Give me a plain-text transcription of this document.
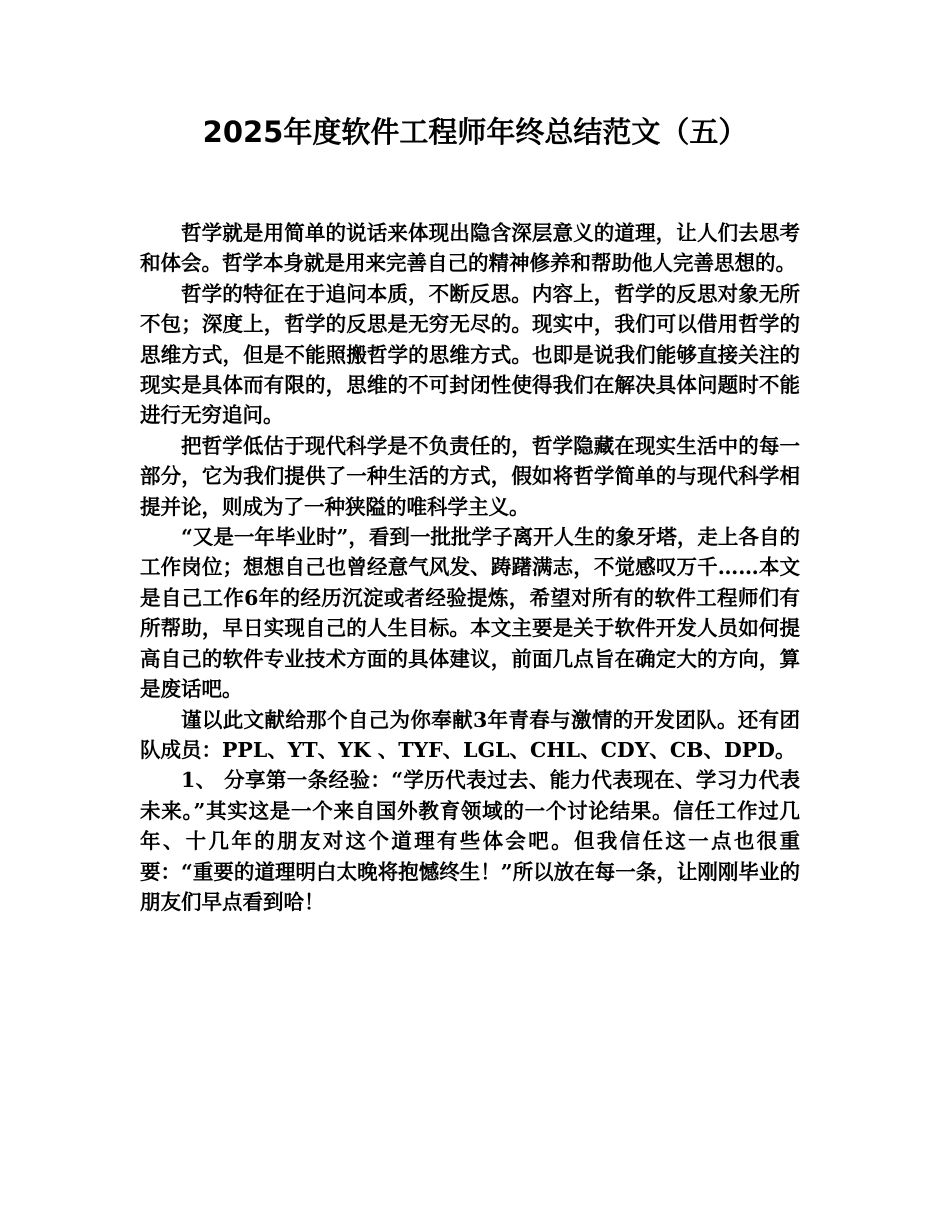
2025年度软件工程师年终总结范文（五）

哲学就是用简单的说话来体现出隐含深层意义的道理，让人们去思考和体会。哲学本身就是用来完善自己的精神修养和帮助他人完善思想的。

哲学的特征在于追问本质，不断反思。内容上，哲学的反思对象无所不包；深度上，哲学的反思是无穷无尽的。现实中，我们可以借用哲学的思维方式，但是不能照搬哲学的思维方式。也即是说我们能够直接关注的现实是具体而有限的，思维的不可封闭性使得我们在解决具体问题时不能进行无穷追问。

把哲学低估于现代科学是不负责任的，哲学隐藏在现实生活中的每一部分，它为我们提供了一种生活的方式，假如将哲学简单的与现代科学相提并论，则成为了一种狭隘的唯科学主义。

“又是一年毕业时”，看到一批批学子离开人生的象牙塔，走上各自的工作岗位；想想自己也曾经意气风发、踌躇满志，不觉感叹万千……本文是自己工作6年的经历沉淀或者经验提炼，希望对所有的软件工程师们有所帮助，早日实现自己的人生目标。本文主要是关于软件开发人员如何提高自己的软件专业技术方面的具体建议，前面几点旨在确定大的方向，算是废话吧。

谨以此文献给那个自己为你奉献3年青春与激情的开发团队。还有团队成员：PPL、YT、YK 、TYF、LGL、CHL、CDY、CB、DPD。

1、 分享第一条经验：“学历代表过去、能力代表现在、学习力代表未来。”其实这是一个来自国外教育领域的一个讨论结果。信任工作过几年、十几年的朋友对这个道理有些体会吧。但我信任这一点也很重要：“重要的道理明白太晚将抱憾终生！”所以放在每一条，让刚刚毕业的朋友们早点看到哈！
